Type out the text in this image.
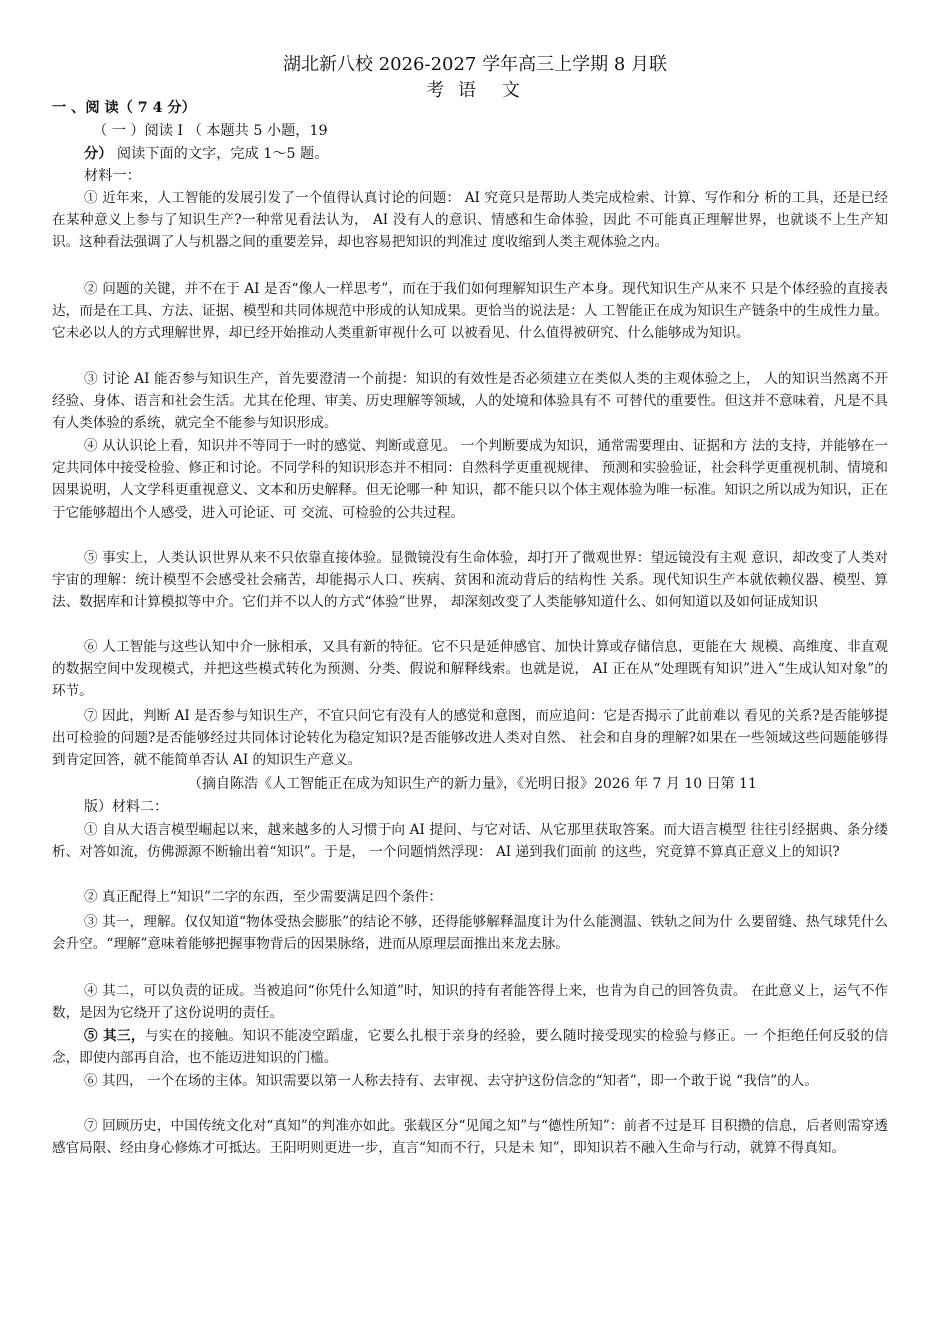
湖北新八校 2026-2027 学年高三上学期 8 月联
考 语　文
一 、阅 读（ 7 4 分）
（ 一 ）阅读 I （ 本题共 5 小题，19
分） 阅读下面的文字，完成 1～5 题。
材料一：
① 近年来，人工智能的发展引发了一个值得认真讨论的问题： AI 究竟只是帮助人类完成检索、计算、写作和分 析的工具，还是已经在某种意义上参与了知识生产?一种常见看法认为， AI 没有人的意识、情感和生命体验，因此 不可能真正理解世界，也就谈不上生产知识。这种看法强调了人与机器之间的重要差异，却也容易把知识的判准过 度收缩到人类主观体验之内。
② 问题的关键，并不在于 AI 是否“像人一样思考”，而在于我们如何理解知识生产本身。现代知识生产从来不 只是个体经验的直接表达，而是在工具、方法、证据、模型和共同体规范中形成的认知成果。更恰当的说法是：人 工智能正在成为知识生产链条中的生成性力量。它未必以人的方式理解世界，却已经开始推动人类重新审视什么可 以被看见、什么值得被研究、什么能够成为知识。
③ 讨论 AI 能否参与知识生产，首先要澄清一个前提：知识的有效性是否必须建立在类似人类的主观体验之上， 人的知识当然离不开经验、身体、语言和社会生活。尤其在伦理、审美、历史理解等领域，人的处境和体验具有不 可替代的重要性。但这并不意味着，凡是不具有人类体验的系统，就完全不能参与知识形成。
④ 从认识论上看，知识并不等同于一时的感觉、判断或意见。 一个判断要成为知识，通常需要理由、证据和方 法的支持，并能够在一定共同体中接受检验、修正和讨论。不同学科的知识形态并不相同：自然科学更重视规律、 预测和实验验证，社会科学更重视机制、情境和因果说明，人文学科更重视意义、文本和历史解释。但无论哪一种 知识，都不能只以个体主观体验为唯一标准。知识之所以成为知识，正在于它能够超出个人感受，进入可论证、可 交流、可检验的公共过程。
⑤ 事实上，人类认识世界从来不只依靠直接体验。显微镜没有生命体验，却打开了微观世界：望远镜没有主观 意识，却改变了人类对宇宙的理解：统计模型不会感受社会痛苦，却能揭示人口、疾病、贫困和流动背后的结构性 关系。现代知识生产本就依赖仪器、模型、算法、数据库和计算模拟等中介。它们并不以人的方式“体验”世界， 却深刻改变了人类能够知道什么、如何知道以及如何证成知识
⑥ 人工智能与这些认知中介一脉相承，又具有新的特征。它不只是延伸感官、加快计算或存储信息，更能在大 规模、高维度、非直观的数据空间中发现模式，并把这些模式转化为预测、分类、假说和解释线索。也就是说， AI 正在从“处理既有知识”进入“生成认知对象”的环节。
⑦ 因此，判断 AI 是否参与知识生产，不宜只问它有没有人的感觉和意图，而应追问：它是否揭示了此前难以 看见的关系?是否能够提出可检验的问题?是否能够经过共同体讨论转化为稳定知识?是否能够改进人类对自然、 社会和自身的理解?如果在一些领域这些问题能够得到肯定回答，就不能简单否认 AI 的知识生产意义。
（摘自陈浩《人工智能正在成为知识生产的新力量》，《光明日报》2026 年 7 月 10 日第 11
版）材料二：
① 自从大语言模型崛起以来，越来越多的人习惯于向 AI 提问、与它对话、从它那里获取答案。而大语言模型 往往引经据典、条分缕析、对答如流，仿佛源源不断输出着“知识”。于是， 一个问题悄然浮现： AI 递到我们面前 的这些，究竟算不算真正意义上的知识?
② 真正配得上“知识”二字的东西，至少需要满足四个条件：
③ 其一，理解。仅仅知道“物体受热会膨胀”的结论不够，还得能够解释温度计为什么能测温、铁轨之间为什 么要留缝、热气球凭什么会升空。“理解”意味着能够把握事物背后的因果脉络，进而从原理层面推出来龙去脉。
④ 其二，可以负责的证成。当被追问“你凭什么知道”时，知识的持有者能答得上来，也肯为自己的回答负责。 在此意义上，运气不作数，是因为它绕开了这份说明的责任。
⑤ 其三，与实在的接触。知识不能凌空蹈虚，它要么扎根于亲身的经验，要么随时接受现实的检验与修正。一 个拒绝任何反驳的信念，即使内部再自洽，也不能迈进知识的门槛。
⑥ 其四， 一个在场的主体。知识需要以第一人称去持有、去审视、去守护这份信念的“知者”，即一个敢于说 “我信”的人。
⑦ 回顾历史，中国传统文化对“真知”的判准亦如此。张载区分“见闻之知”与“德性所知”：前者不过是耳 目积攒的信息，后者则需穿透感官局限、经由身心修炼才可抵达。王阳明则更进一步，直言“知而不行，只是未 知”，即知识若不融入生命与行动，就算不得真知。
